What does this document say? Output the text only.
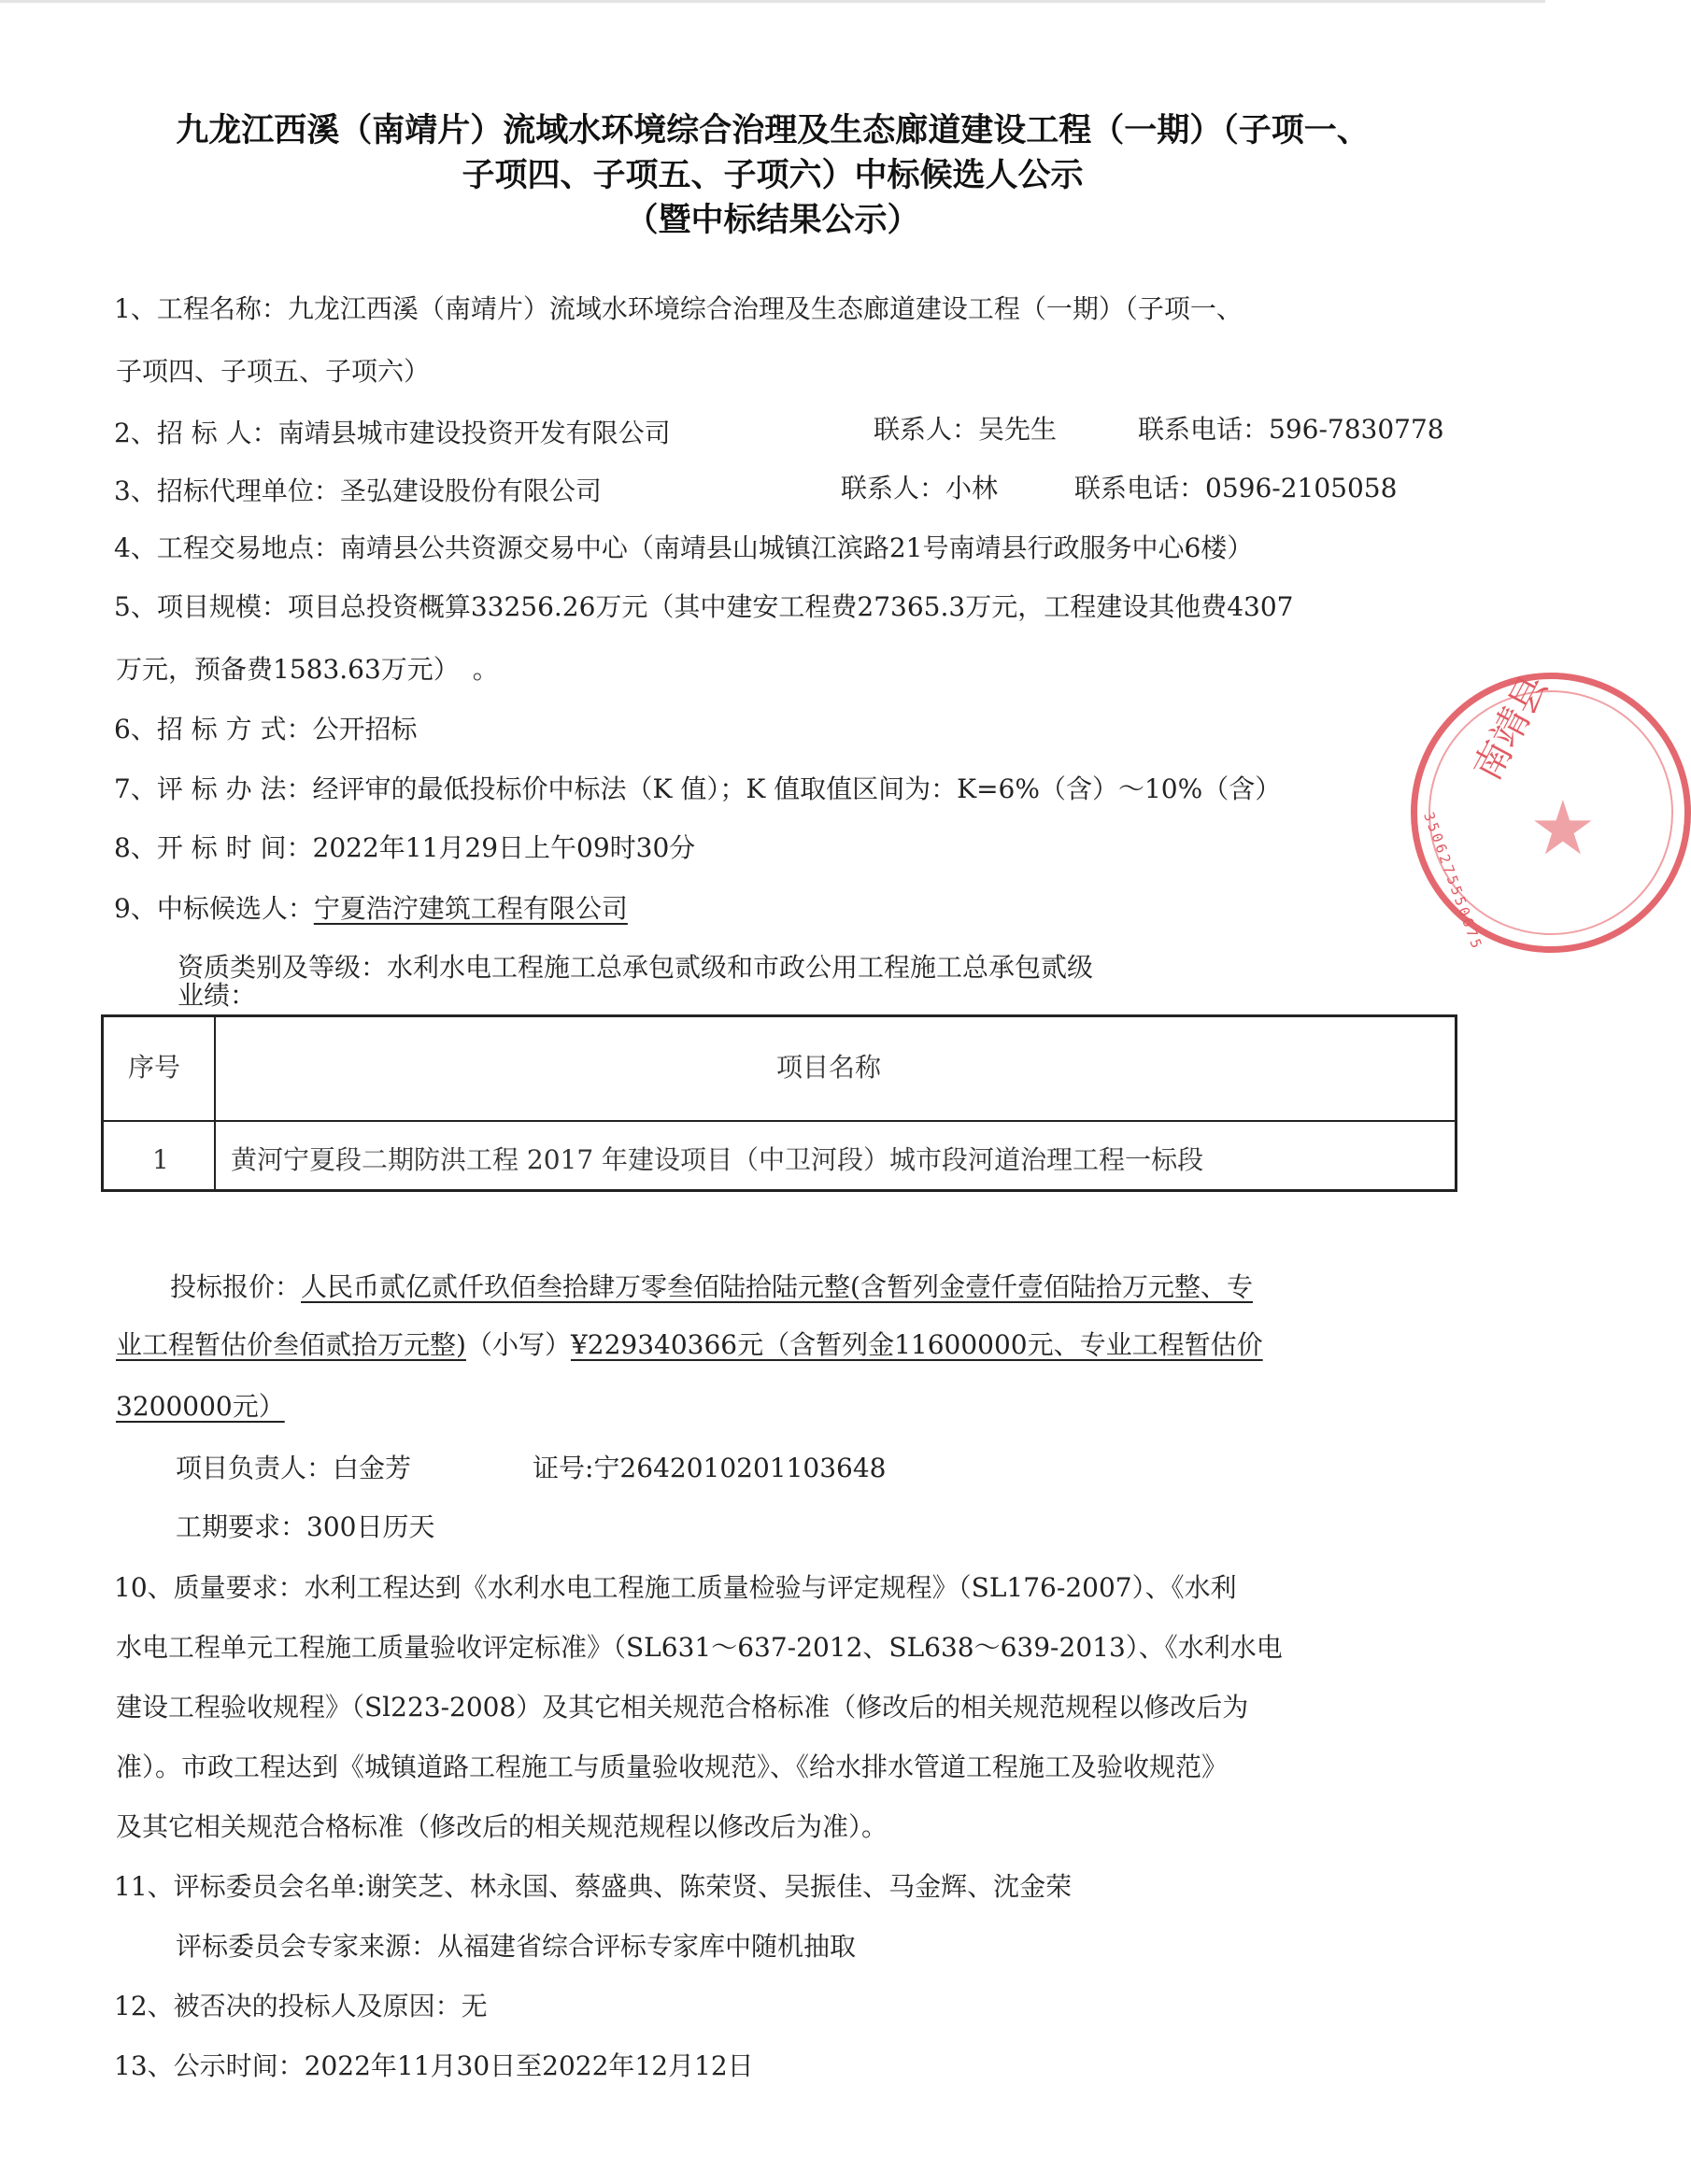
九龙江西溪（南靖片）流域水环境综合治理及生态廊道建设工程（一期）（子项一、
子项四、子项五、子项六）中标候选人公示
（暨中标结果公示）
1、工程名称：九龙江西溪（南靖片）流域水环境综合治理及生态廊道建设工程（一期）（子项一、
子项四、子项五、子项六）
2、招 标 人：南靖县城市建设投资开发有限公司	联系人：吴先生	联系电话：596-7830778
3、招标代理单位：圣弘建设股份有限公司	联系人：小林	联系电话：0596-2105058
4、工程交易地点：南靖县公共资源交易中心（南靖县山城镇江滨路21号南靖县行政服务中心6楼）
5、项目规模：项目总投资概算33256.26万元（其中建安工程费27365.3万元，工程建设其他费4307
万元，预备费1583.63万元）　。
6、招 标 方 式：公开招标
7、评 标 办 法：经评审的最低投标价中标法（K 值）；K 值取值区间为：K=6%（含）～10%（含）
8、开 标 时 间：2022年11月29日上午09时30分
9、中标候选人：宁夏浩泞建筑工程有限公司
资质类别及等级：水利水电工程施工总承包贰级和市政公用工程施工总承包贰级
业绩：
序号	项目名称
1 黄河宁夏段二期防洪工程 2017 年建设项目（中卫河段）城市段河道治理工程一标段
投标报价：人民币贰亿贰仟玖佰叁拾肆万零叁佰陆拾陆元整(含暂列金壹仟壹佰陆拾万元整、专
业工程暂估价叁佰贰拾万元整)（小写）¥229340366元（含暂列金11600000元、专业工程暂估价
3200000元）
项目负责人：白金芳	证号:宁2642010201103648
工期要求：300日历天
10、质量要求：水利工程达到《水利水电工程施工质量检验与评定规程》（SL176-2007）、《水利
水电工程单元工程施工质量验收评定标准》（SL631～637-2012、SL638～639-2013）、《水利水电
建设工程验收规程》（Sl223-2008）及其它相关规范合格标准（修改后的相关规范规程以修改后为
准）。市政工程达到《城镇道路工程施工与质量验收规范》、《给水排水管道工程施工及验收规范》
及其它相关规范合格标准（修改后的相关规范规程以修改后为准）。
11、评标委员会名单:谢笑芝、林永国、蔡盛典、陈荣贤、吴振佳、马金辉、沈金荣
评标委员会专家来源：从福建省综合评标专家库中随机抽取
12、被否决的投标人及原因：无
13、公示时间：2022年11月30日至2022年12月12日
★
南靖县
3506275550675
